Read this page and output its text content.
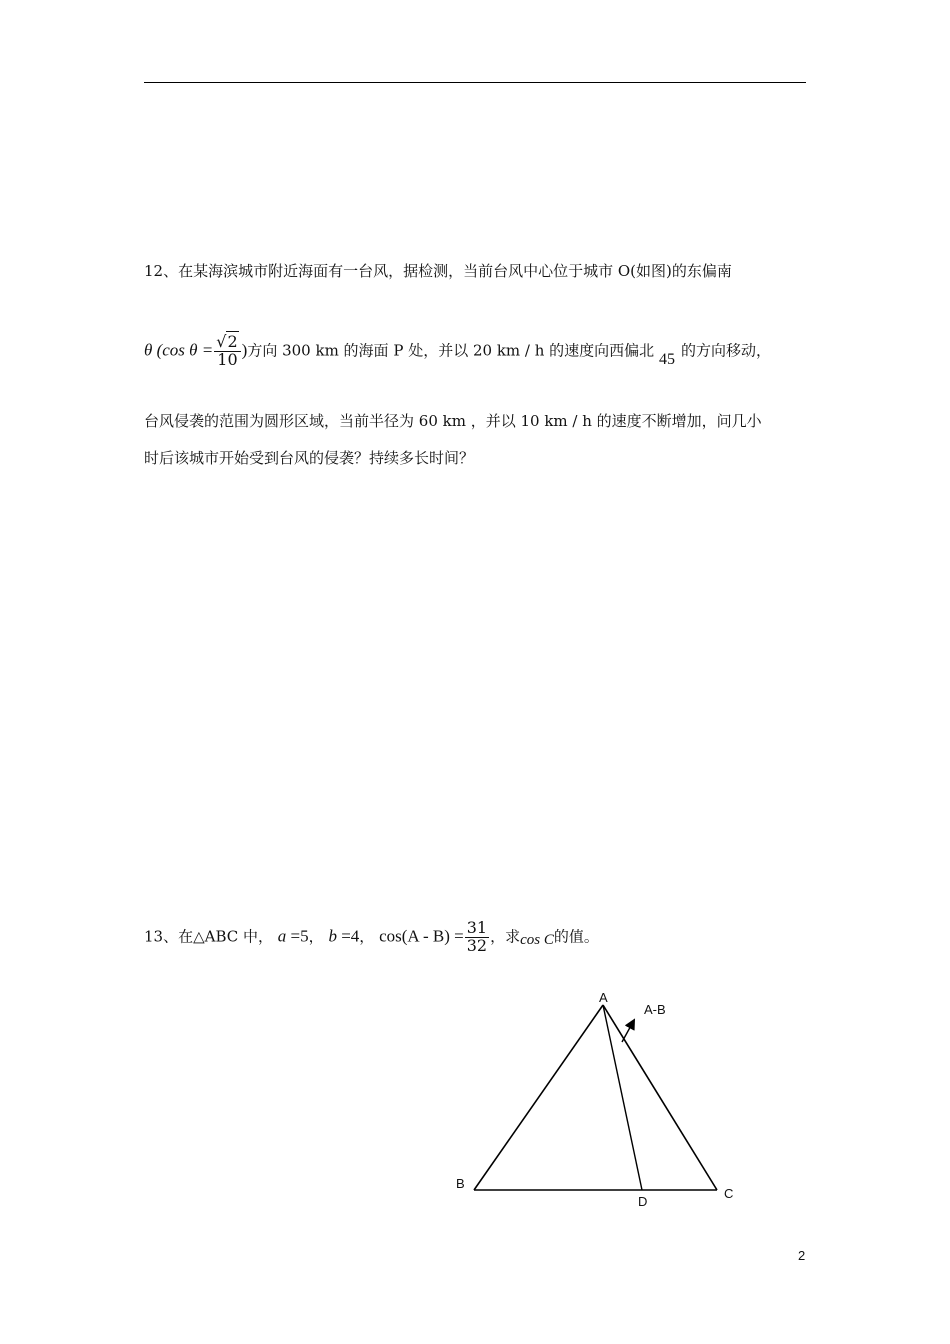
12、在某海滨城市附近海面有一台风，据检测，当前台风中心位于城市 O(如图)的东偏南
θ (cos $\theta = \frac{√2}{10}$ )方向 300 km 的海面 P 处，并以 20 km / h 的速度向西偏北 45的方向移动，
台风侵袭的范围为圆形区域，当前半径为 60 km ，并以 10 km / h 的速度不断增加，问几小
时后该城市开始受到台风的侵袭？持续多长时间？
13、在△ABC 中， a =5， b =4， $\cos(A - B) = \frac{31}{32}$ ，求cos C的值。
A
A-B
B
D
C
2
